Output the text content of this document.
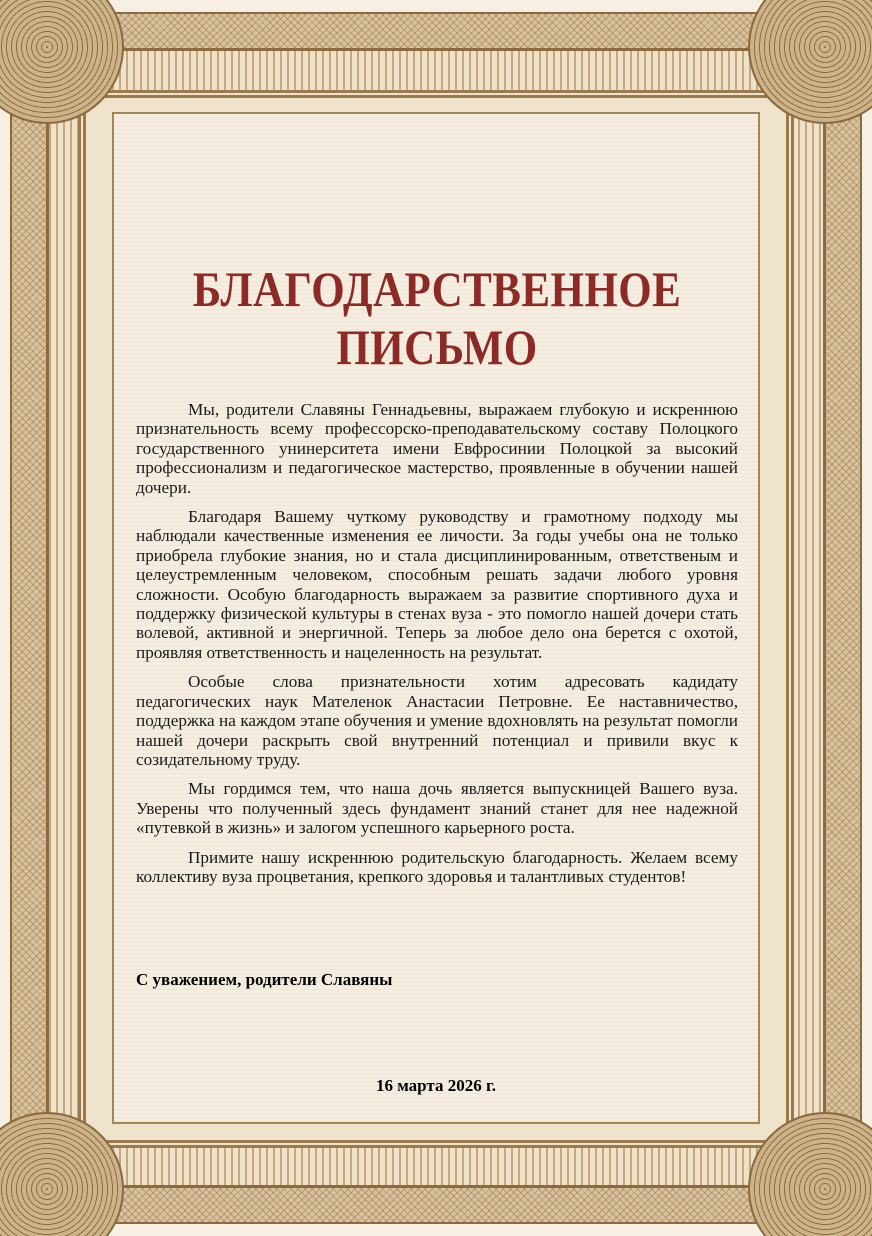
БЛАГОДАРСТВЕННОЕ
ПИСЬМО

Мы, родители Славяны Геннадьевны, выражаем глубокую и искреннюю признательность всему профессорско-преподавательскому составу Полоцкого государственного унинерситета имени Евфросинии Полоцкой за высокий профессионализм и педагогическое мастерство, проявленные в обучении нашей дочери.

Благодаря Вашему чуткому руководству и грамотному подходу мы наблюдали качественные изменения ее личости. За годы учебы она не только приобрела глубокие знания, но и стала дисциплинированным, ответственым и целеустремленным человеком, способным решать задачи любого уровня сложности. Особую благодарность выражаем за развитие спортивного духа и поддержку физической культуры в стенах вуза - это помогло нашей дочери стать волевой, активной и энергичной. Теперь за любое дело она берется с охотой, проявляя ответственность и нацеленность на результат.

Особые слова признательности хотим адресовать кадидату педагогических наук Мателенок Анастасии Петровне. Ее наставничество, поддержка на каждом этапе обучения и умение вдохновлять на результат помогли нашей дочери раскрыть свой внутренний потенциал и привили вкус к созидательному труду.

Мы гордимся тем, что наша дочь является выпускницей Вашего вуза. Уверены что полученный здесь фундамент знаний станет для нее надежной «путевкой в жизнь» и залогом успешного карьерного роста.

Примите нашу искреннюю родительскую благодарность. Желаем всему коллективу вуза процветания, крепкого здоровья и талантливых студентов!

С уважением, родители Славяны
16 марта 2026 г.
